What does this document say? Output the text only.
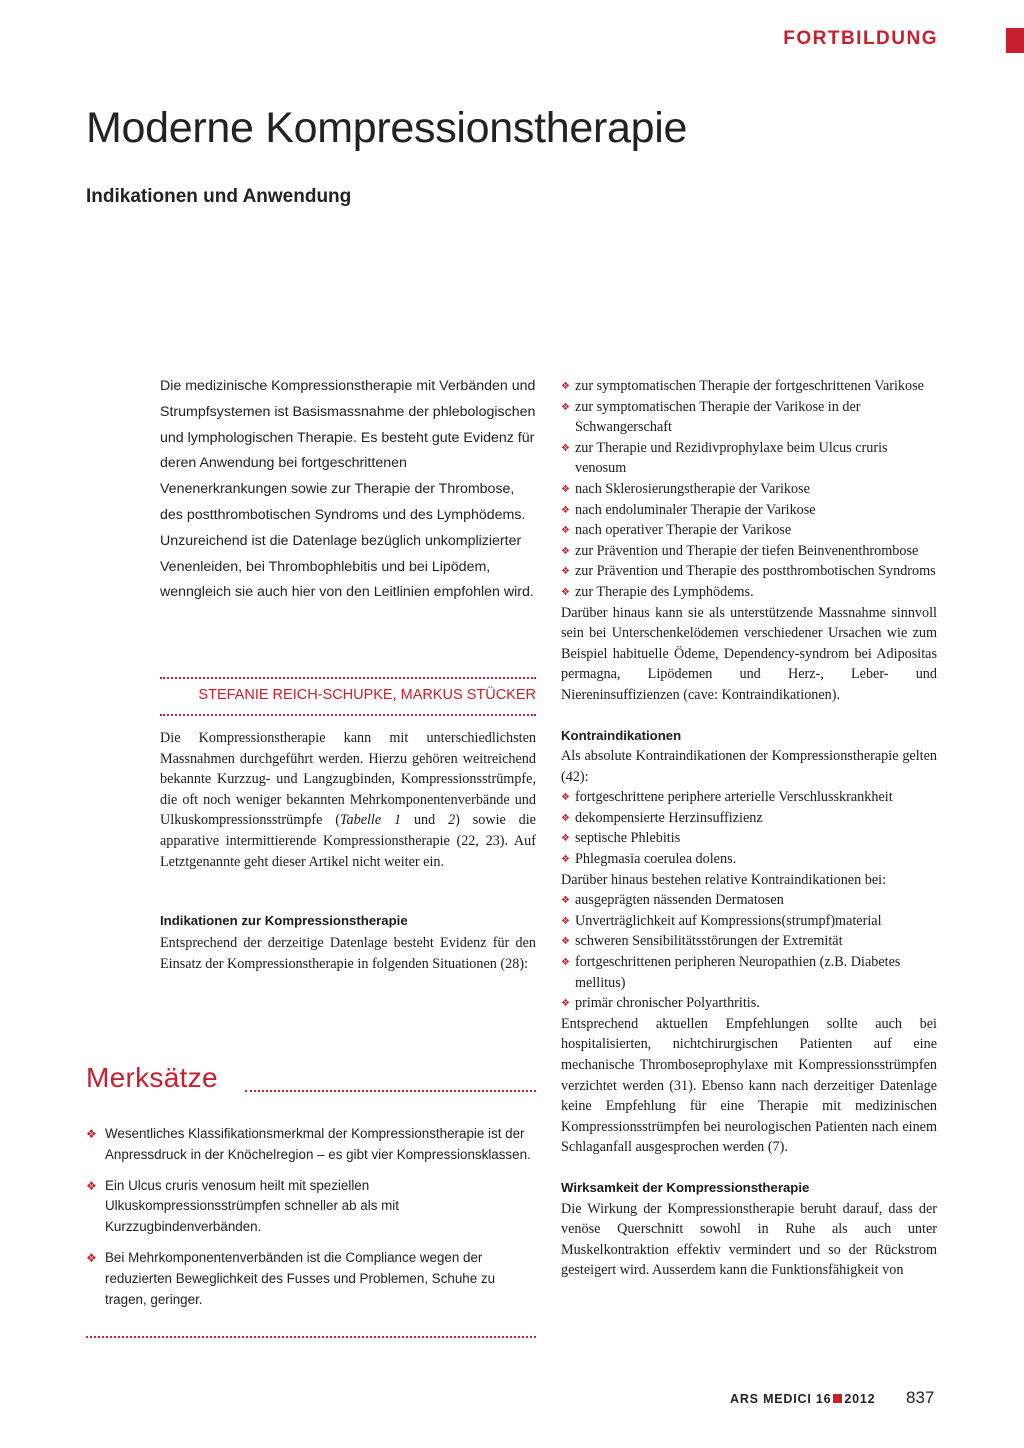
FORTBILDUNG
Moderne Kompressionstherapie
Indikationen und Anwendung

Die medizinische Kompressionstherapie mit Verbänden und Strumpfsystemen ist Basismassnahme der phlebologischen und lymphologischen Therapie. Es besteht gute Evidenz für deren Anwendung bei fortgeschrittenen Venenerkrankungen sowie zur Therapie der Thrombose, des postthrombotischen Syndroms und des Lymphödems. Unzureichend ist die Datenlage bezüglich unkomplizierter Venenleiden, bei Thrombophlebitis und bei Lipödem, wenngleich sie auch hier von den Leitlinien empfohlen wird.

STEFANIE REICH-SCHUPKE, MARKUS STÜCKER

Die Kompressionstherapie kann mit unterschiedlichsten Massnahmen durchgeführt werden. Hierzu gehören weitreichend bekannte Kurzzug- und Langzugbinden, Kompressionsstrümpfe, die oft noch weniger bekannten Mehrkomponentenverbände und Ulkuskompressionsstrümpfe (Tabelle 1 und 2) sowie die apparative intermittierende Kompressionstherapie (22, 23). Auf Letztgenannte geht dieser Artikel nicht weiter ein.

Indikationen zur Kompressionstherapie

Entsprechend der derzeitige Datenlage besteht Evidenz für den Einsatz der Kompressionstherapie in folgenden Situationen (28):

Merksätze
❖ Wesentliches Klassifikationsmerkmal der Kompressionstherapie ist der Anpressdruck in der Knöchelregion – es gibt vier Kompressionsklassen.
❖ Ein Ulcus cruris venosum heilt mit speziellen Ulkuskompressionsstrümpfen schneller ab als mit Kurzzugbindenverbänden.
❖ Bei Mehrkomponentenverbänden ist die Compliance wegen der reduzierten Beweglichkeit des Fusses und Problemen, Schuhe zu tragen, geringer.
❖ zur symptomatischen Therapie der fortgeschrittenen Varikose
❖ zur symptomatischen Therapie der Varikose in der Schwangerschaft
❖ zur Therapie und Rezidivprophylaxe beim Ulcus cruris venosum
❖ nach Sklerosierungstherapie der Varikose
❖ nach endoluminaler Therapie der Varikose
❖ nach operativer Therapie der Varikose
❖ zur Prävention und Therapie der tiefen Beinvenenthrombose
❖ zur Prävention und Therapie des postthrombotischen Syndroms
❖ zur Therapie des Lymphödems.

Darüber hinaus kann sie als unterstützende Massnahme sinnvoll sein bei Unterschenkelödemen verschiedener Ursachen wie zum Beispiel habituelle Ödeme, Dependency-syndrom bei Adipositas permagna, Lipödemen und Herz-, Leber- und Niereninsuffizienzen (cave: Kontraindikationen).

Kontraindikationen

Als absolute Kontraindikationen der Kompressionstherapie gelten (42):

❖ fortgeschrittene periphere arterielle Verschlusskrankheit
❖ dekompensierte Herzinsuffizienz
❖ septische Phlebitis
❖ Phlegmasia coerulea dolens.

Darüber hinaus bestehen relative Kontraindikationen bei:

❖ ausgeprägten nässenden Dermatosen
❖ Unverträglichkeit auf Kompressions(strumpf)material
❖ schweren Sensibilitätsstörungen der Extremität
❖ fortgeschrittenen peripheren Neuropathien (z.B. Diabetes mellitus)
❖ primär chronischer Polyarthritis.

Entsprechend aktuellen Empfehlungen sollte auch bei hospitalisierten, nichtchirurgischen Patienten auf eine mechanische Thromboseprophylaxe mit Kompressionsstrümpfen verzichtet werden (31). Ebenso kann nach derzeitiger Datenlage keine Empfehlung für eine Therapie mit medizinischen Kompressionsstrümpfen bei neurologischen Patienten nach einem Schlaganfall ausgesprochen werden (7).

Wirksamkeit der Kompressionstherapie

Die Wirkung der Kompressionstherapie beruht darauf, dass der venöse Querschnitt sowohl in Ruhe als auch unter Muskelkontraktion effektiv vermindert und so der Rückstrom gesteigert wird. Ausserdem kann die Funktionsfähigkeit von

ARS MEDICI 16 2012 837
